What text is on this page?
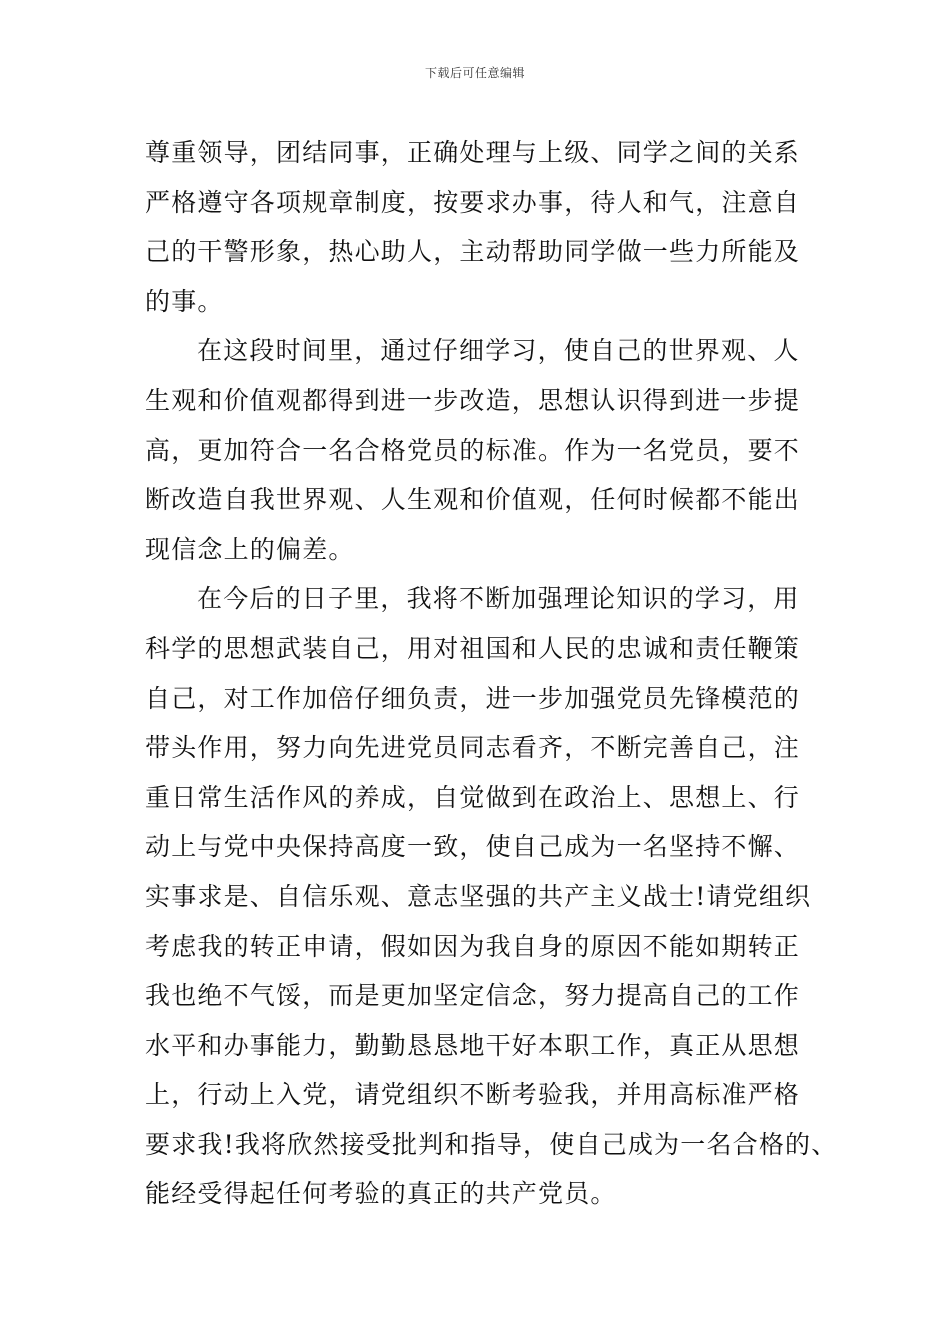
下载后可任意编辑
尊重领导，团结同事，正确处理与上级、同学之间的关系
严格遵守各项规章制度，按要求办事，待人和气，注意自
己的干警形象，热心助人，主动帮助同学做一些力所能及
的事。
在这段时间里，通过仔细学习，使自己的世界观、人
生观和价值观都得到进一步改造，思想认识得到进一步提
高，更加符合一名合格党员的标准。作为一名党员，要不
断改造自我世界观、人生观和价值观，任何时候都不能出
现信念上的偏差。
在今后的日子里，我将不断加强理论知识的学习，用
科学的思想武装自己，用对祖国和人民的忠诚和责任鞭策
自己，对工作加倍仔细负责，进一步加强党员先锋模范的
带头作用，努力向先进党员同志看齐，不断完善自己，注
重日常生活作风的养成，自觉做到在政治上、思想上、行
动上与党中央保持高度一致，使自己成为一名坚持不懈、
实事求是、自信乐观、意志坚强的共产主义战士!请党组织
考虑我的转正申请，假如因为我自身的原因不能如期转正
我也绝不气馁，而是更加坚定信念，努力提高自己的工作
水平和办事能力，勤勤恳恳地干好本职工作，真正从思想
上，行动上入党，请党组织不断考验我，并用高标准严格
要求我!我将欣然接受批判和指导，使自己成为一名合格的、
能经受得起任何考验的真正的共产党员。
